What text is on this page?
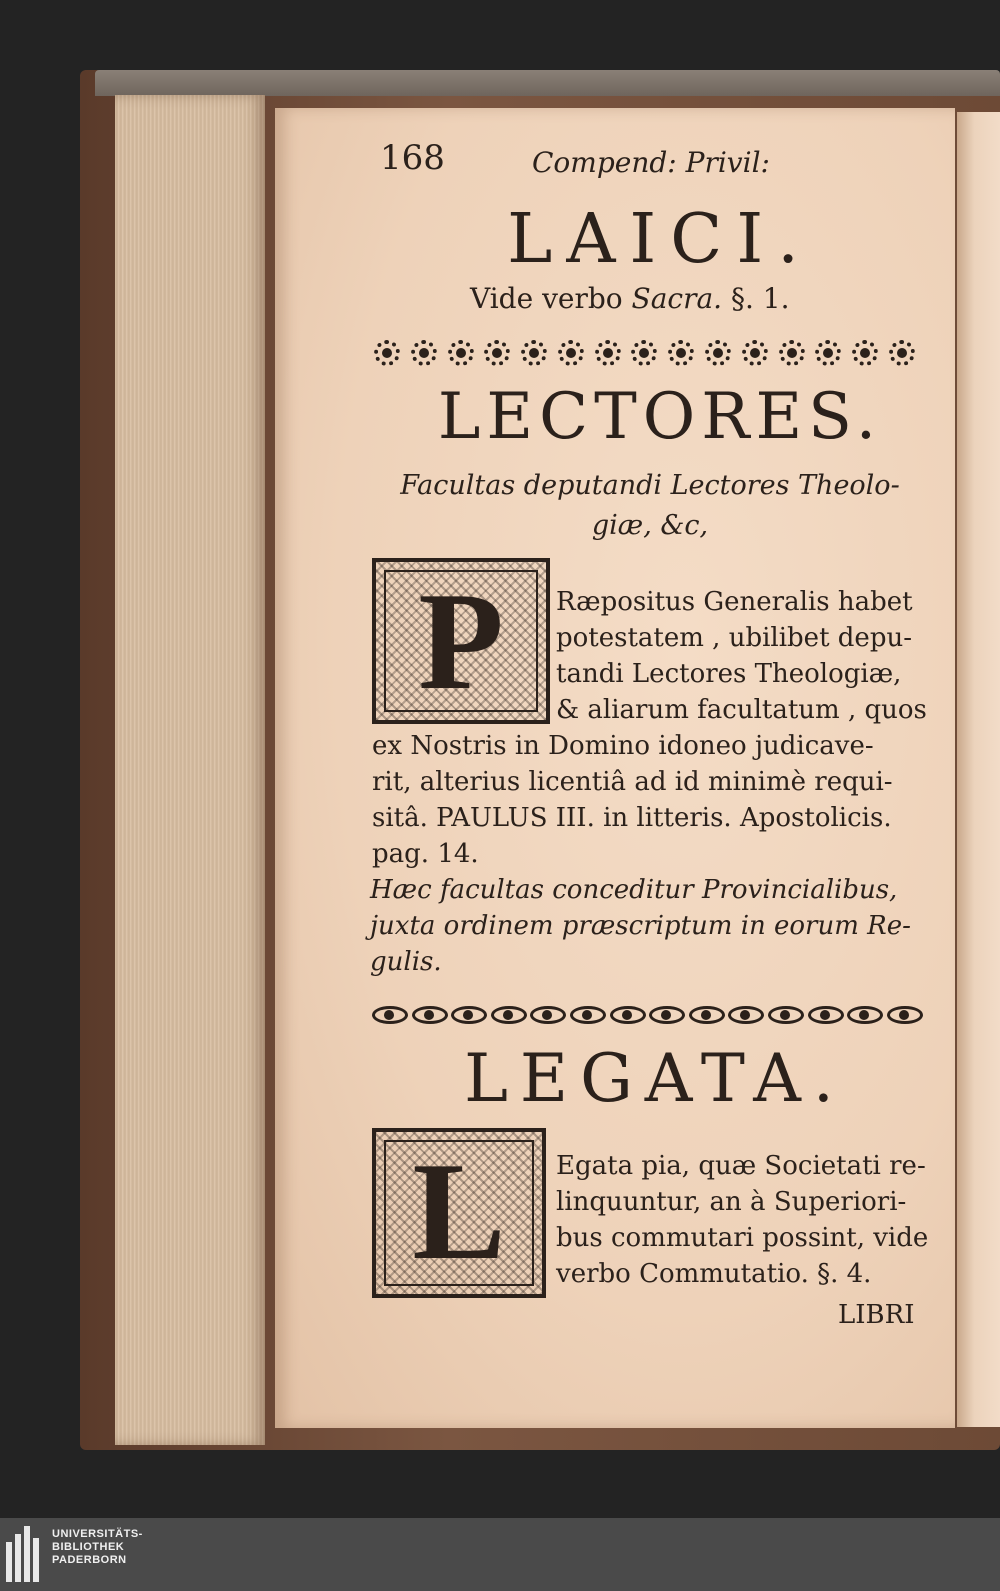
168	Compend: Privil:
LAICI.
Vide verbo Sacra. §. 1.
LECTORES.
Facultas deputandi Lectores Theolo-
giæ, &c,
P	Ræpositus Generalis habet
potestatem , ubilibet depu-
tandi Lectores Theologiæ,
& aliarum facultatum , quos
ex Nostris in Domino idoneo judicave-
rit, alterius licentiâ ad id minimè requi-
sitâ. PAULUS III. in litteris. Apostolicis.
pag. 14.
Hæc facultas conceditur Provincialibus,
juxta ordinem præscriptum in eorum Re-
gulis.
LEGATA.
L	Egata pia, quæ Societati re-
linquuntur, an à Superiori-
bus commutari possint, vide
verbo Commutatio. §. 4.
LIBRI
UNIVERSITÄTS-
BIBLIOTHEK
PADERBORN
